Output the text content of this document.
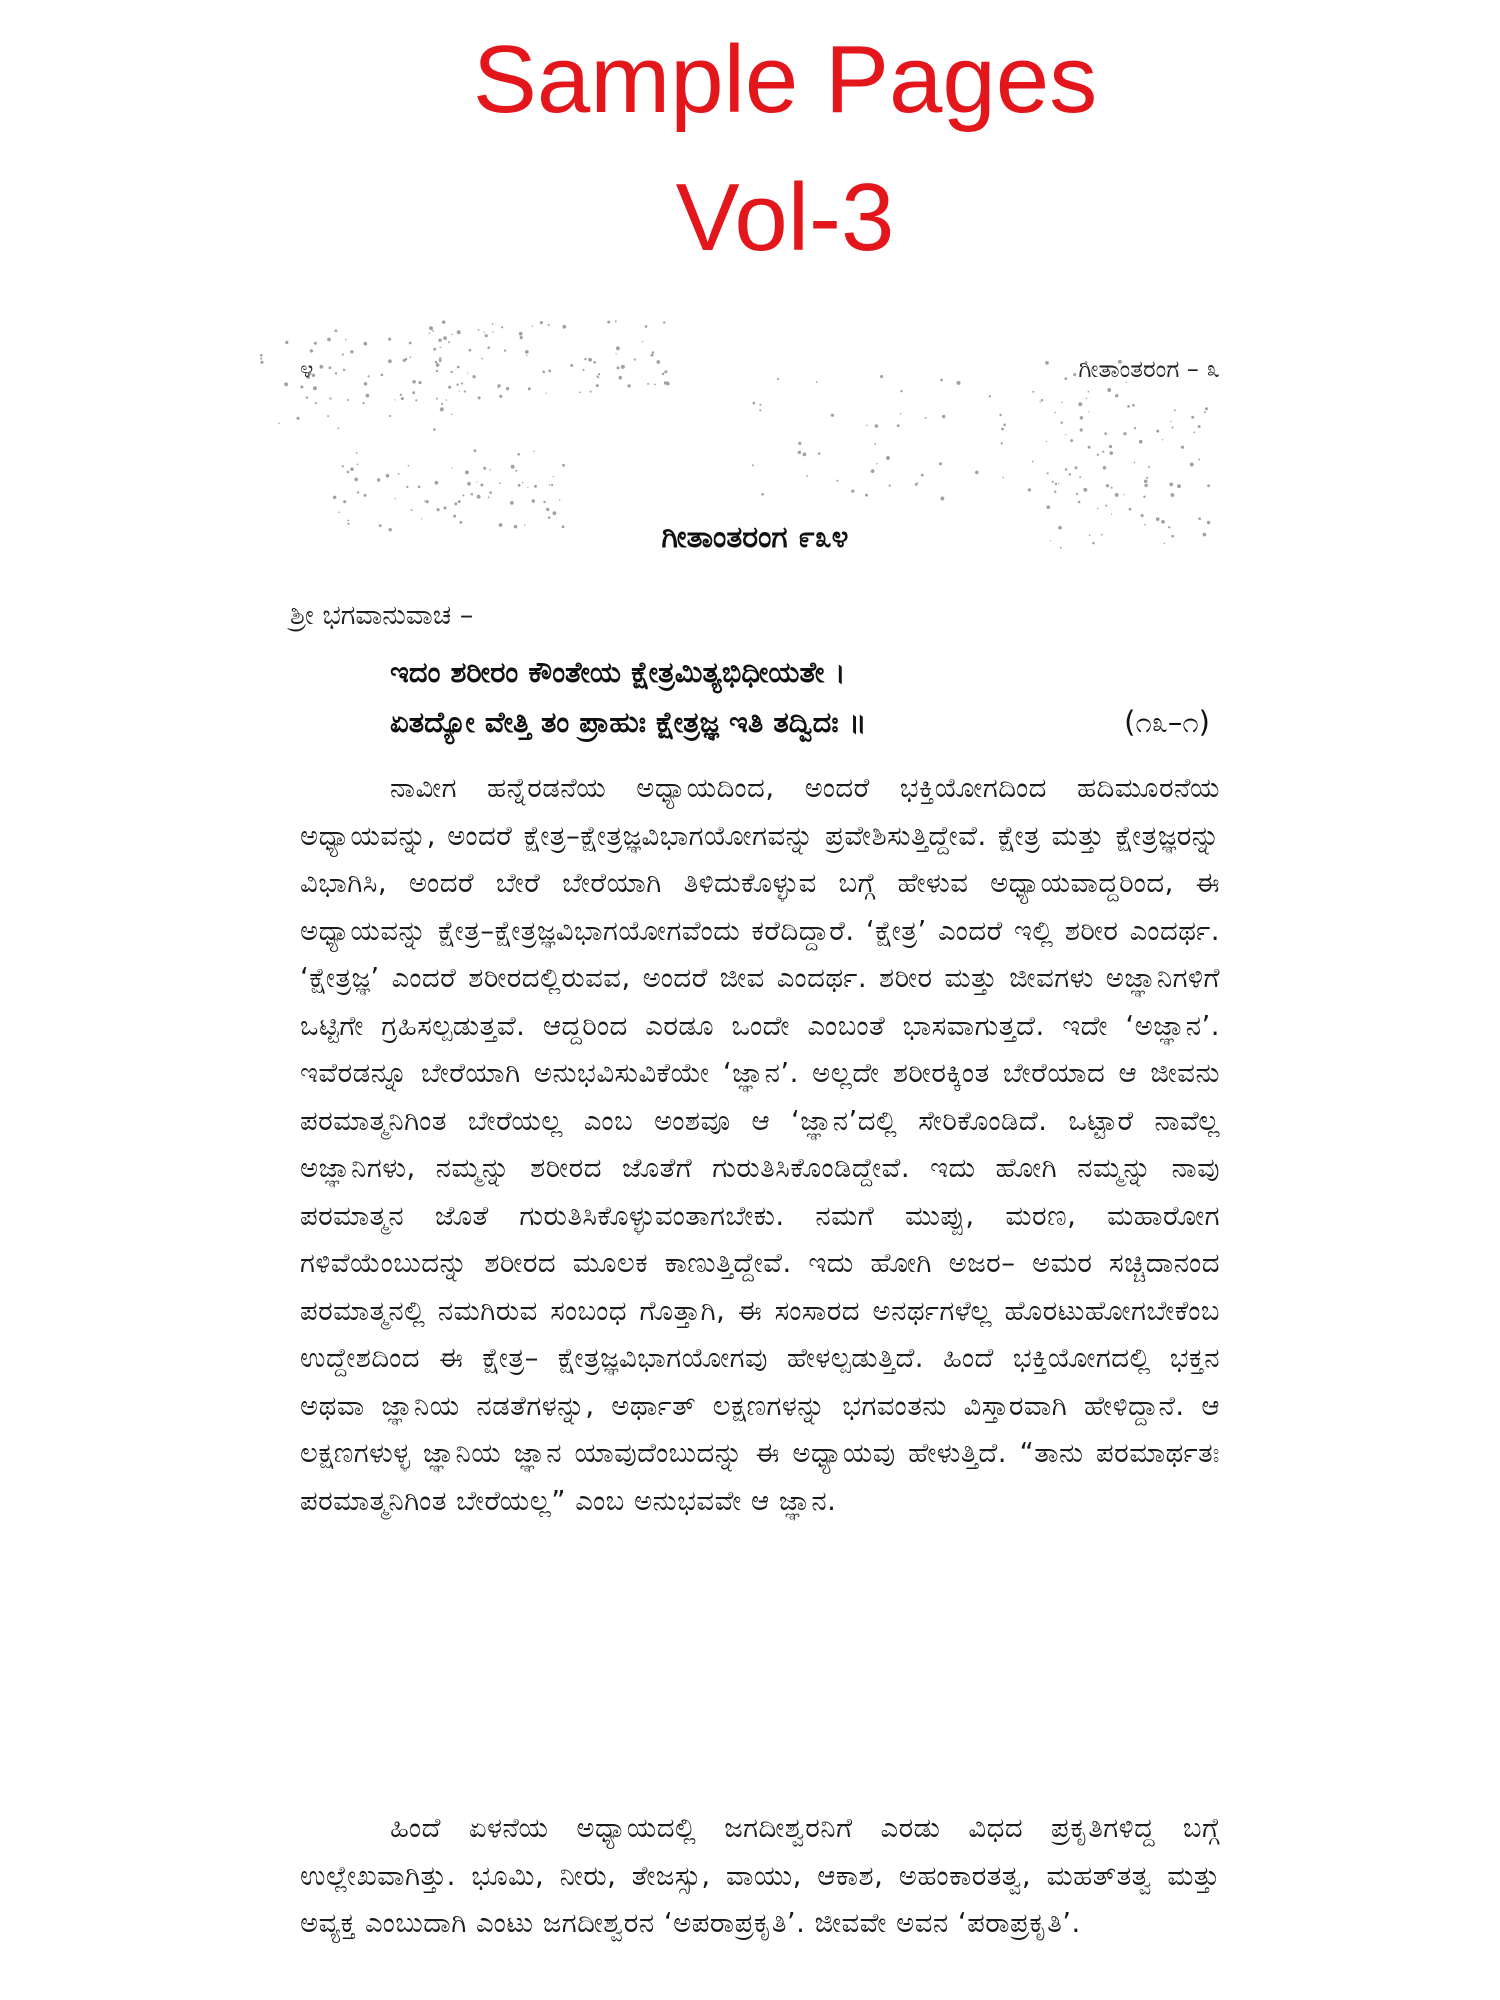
Sample Pages
Vol-3
೪	ಗೀತಾಂತರಂಗ – ೩
ಗೀತಾಂತರಂಗ ೯೩೪
ಶ್ರೀ ಭಗವಾನುವಾಚ –
ಇದಂ ಶರೀರಂ ಕೌಂತೇಯ ಕ್ಷೇತ್ರಮಿತ್ಯಭಿಧೀಯತೇ ।
ಏತದ್ಯೋ ವೇತ್ತಿ ತಂ ಪ್ರಾಹುಃ ಕ್ಷೇತ್ರಜ್ಞ ಇತಿ ತದ್ವಿದಃ ॥	(೧೩–೧)

ನಾವೀಗ ಹನ್ನೆರಡನೆಯ ಅಧ್ಯಾಯದಿಂದ, ಅಂದರೆ ಭಕ್ತಿಯೋಗದಿಂದ ಹದಿಮೂರನೆಯ ಅಧ್ಯಾಯವನ್ನು, ಅಂದರೆ ಕ್ಷೇತ್ರ–ಕ್ಷೇತ್ರಜ್ಞವಿಭಾಗಯೋಗವನ್ನು ಪ್ರವೇಶಿಸುತ್ತಿದ್ದೇವೆ. ಕ್ಷೇತ್ರ ಮತ್ತು ಕ್ಷೇತ್ರಜ್ಞರನ್ನು ವಿಭಾಗಿಸಿ, ಅಂದರೆ ಬೇರೆ ಬೇರೆಯಾಗಿ ತಿಳಿದುಕೊಳ್ಳುವ ಬಗ್ಗೆ ಹೇಳುವ ಅಧ್ಯಾಯವಾದ್ದರಿಂದ, ಈ ಅಧ್ಯಾಯವನ್ನು ಕ್ಷೇತ್ರ–ಕ್ಷೇತ್ರಜ್ಞವಿಭಾಗಯೋಗವೆಂದು ಕರೆದಿದ್ದಾರೆ. ‘ಕ್ಷೇತ್ರ’ ಎಂದರೆ ಇಲ್ಲಿ ಶರೀರ ಎಂದರ್ಥ. ‘ಕ್ಷೇತ್ರಜ್ಞ’ ಎಂದರೆ ಶರೀರದಲ್ಲಿರುವವ, ಅಂದರೆ ಜೀವ ಎಂದರ್ಥ. ಶರೀರ ಮತ್ತು ಜೀವಗಳು ಅಜ್ಞಾನಿಗಳಿಗೆ ಒಟ್ಟಿಗೇ ಗ್ರಹಿಸಲ್ಪಡುತ್ತವೆ. ಆದ್ದರಿಂದ ಎರಡೂ ಒಂದೇ ಎಂಬಂತೆ ಭಾಸವಾಗುತ್ತದೆ. ಇದೇ ‘ಅಜ್ಞಾನ’. ಇವೆರಡನ್ನೂ ಬೇರೆಯಾಗಿ ಅನುಭವಿಸುವಿಕೆಯೇ ‘ಜ್ಞಾನ’. ಅಲ್ಲದೇ ಶರೀರಕ್ಕಿಂತ ಬೇರೆಯಾದ ಆ ಜೀವನು ಪರಮಾತ್ಮನಿಗಿಂತ ಬೇರೆಯಲ್ಲ ಎಂಬ ಅಂಶವೂ ಆ ‘ಜ್ಞಾನ’ದಲ್ಲಿ ಸೇರಿಕೊಂಡಿದೆ. ಒಟ್ಟಾರೆ ನಾವೆಲ್ಲ ಅಜ್ಞಾನಿಗಳು, ನಮ್ಮನ್ನು ಶರೀರದ ಜೊತೆಗೆ ಗುರುತಿಸಿಕೊಂಡಿದ್ದೇವೆ. ಇದು ಹೋಗಿ ನಮ್ಮನ್ನು ನಾವು ಪರಮಾತ್ಮನ ಜೊತೆ ಗುರುತಿಸಿಕೊಳ್ಳುವಂತಾಗಬೇಕು. ನಮಗೆ ಮುಪ್ಪು, ಮರಣ, ಮಹಾರೋಗ ಗಳಿವೆಯೆಂಬುದನ್ನು ಶರೀರದ ಮೂಲಕ ಕಾಣುತ್ತಿದ್ದೇವೆ. ಇದು ಹೋಗಿ ಅಜರ– ಅಮರ ಸಚ್ಚಿದಾನಂದ ಪರಮಾತ್ಮನಲ್ಲಿ ನಮಗಿರುವ ಸಂಬಂಧ ಗೊತ್ತಾಗಿ, ಈ ಸಂಸಾರದ ಅನರ್ಥಗಳೆಲ್ಲ ಹೊರಟುಹೋಗಬೇಕೆಂಬ ಉದ್ದೇಶದಿಂದ ಈ ಕ್ಷೇತ್ರ– ಕ್ಷೇತ್ರಜ್ಞವಿಭಾಗಯೋಗವು ಹೇಳಲ್ಪಡುತ್ತಿದೆ. ಹಿಂದೆ ಭಕ್ತಿಯೋಗದಲ್ಲಿ ಭಕ್ತನ ಅಥವಾ ಜ್ಞಾನಿಯ ನಡತೆಗಳನ್ನು, ಅರ್ಥಾತ್ ಲಕ್ಷಣಗಳನ್ನು ಭಗವಂತನು ವಿಸ್ತಾರವಾಗಿ ಹೇಳಿದ್ದಾನೆ. ಆ ಲಕ್ಷಣಗಳುಳ್ಳ ಜ್ಞಾನಿಯ ಜ್ಞಾನ ಯಾವುದೆಂಬುದನ್ನು ಈ ಅಧ್ಯಾಯವು ಹೇಳುತ್ತಿದೆ. “ತಾನು ಪರಮಾರ್ಥತಃ ಪರಮಾತ್ಮನಿಗಿಂತ ಬೇರೆಯಲ್ಲ” ಎಂಬ ಅನುಭವವೇ ಆ ಜ್ಞಾನ.

ಹಿಂದೆ ಏಳನೆಯ ಅಧ್ಯಾಯದಲ್ಲಿ ಜಗದೀಶ್ವರನಿಗೆ ಎರಡು ವಿಧದ ಪ್ರಕೃತಿಗಳಿದ್ದ ಬಗ್ಗೆ ಉಲ್ಲೇಖವಾಗಿತ್ತು. ಭೂಮಿ, ನೀರು, ತೇಜಸ್ಸು, ವಾಯು, ಆಕಾಶ, ಅಹಂಕಾರತತ್ವ, ಮಹತ್‌ತತ್ವ ಮತ್ತು ಅವ್ಯಕ್ತ ಎಂಬುದಾಗಿ ಎಂಟು ಜಗದೀಶ್ವರನ ‘ಅಪರಾಪ್ರಕೃತಿ’. ಜೀವವೇ ಅವನ ‘ಪರಾಪ್ರಕೃತಿ’.
